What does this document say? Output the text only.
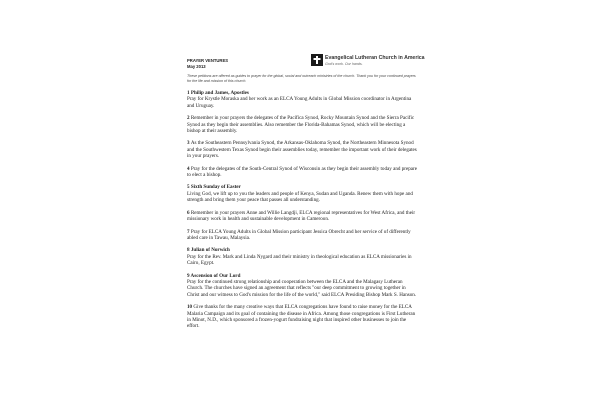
PRAYER VENTURES
May 2013
Evangelical Lutheran Church in America
God's work. Our hands.
These petitions are offered as guides to prayer for the global, social and outreach ministries of the church. Thank you for your continued prayers for the life and mission of this church.
1 Philip and James, Apostles
Pray for Krystle Moraska and her work as an ELCA Young Adults in Global Mission coordinator in Argentina and Uruguay.
2 Remember in your prayers the delegates of the Pacifica Synod, Rocky Mountain Synod and the Sierra Pacific Synod as they begin their assemblies. Also remember the Florida-Bahamas Synod, which will be electing a bishop at their assembly.
3 As the Southeastern Pennsylvania Synod, the Arkansas-Oklahoma Synod, the Northeastern Minnesota Synod and the Southwestern Texas Synod begin their assemblies today, remember the important work of their delegates in your prayers.
4 Pray for the delegates of the South-Central Synod of Wisconsin as they begin their assembly today and prepare to elect a bishop.
5 Sixth Sunday of Easter
Living God, we lift up to you the leaders and people of Kenya, Sudan and Uganda. Renew them with hope and strength and bring them your peace that passes all understanding.
6 Remember in your prayers Anne and Willie Langdji, ELCA regional representatives for West Africa, and their missionary work in health and sustainable development in Cameroon.
7 Pray for ELCA Young Adults in Global Mission participant Jessica Obrecht and her service of of differently abled care in Tawau, Malaysia.
8 Julian of Norwich
Pray for the Rev. Mark and Linda Nygard and their ministry in theological education as ELCA missionaries in Cairo, Egypt.
9 Ascension of Our Lord
Pray for the continued strong relationship and cooperation between the ELCA and the Malagasy Lutheran Church. The churches have signed an agreement that reflects "our deep commitment to growing together in Christ and our witness to God's mission for the life of the world," said ELCA Presiding Bishop Mark S. Hanson.
10 Give thanks for the many creative ways that ELCA congregations have found to raise money for the ELCA Malaria Campaign and its goal of containing the disease in Africa. Among those congregations is First Lutheran in Minot, N.D., which sponsored a frozen-yogurt fundraising night that inspired other businesses to join the effort.
